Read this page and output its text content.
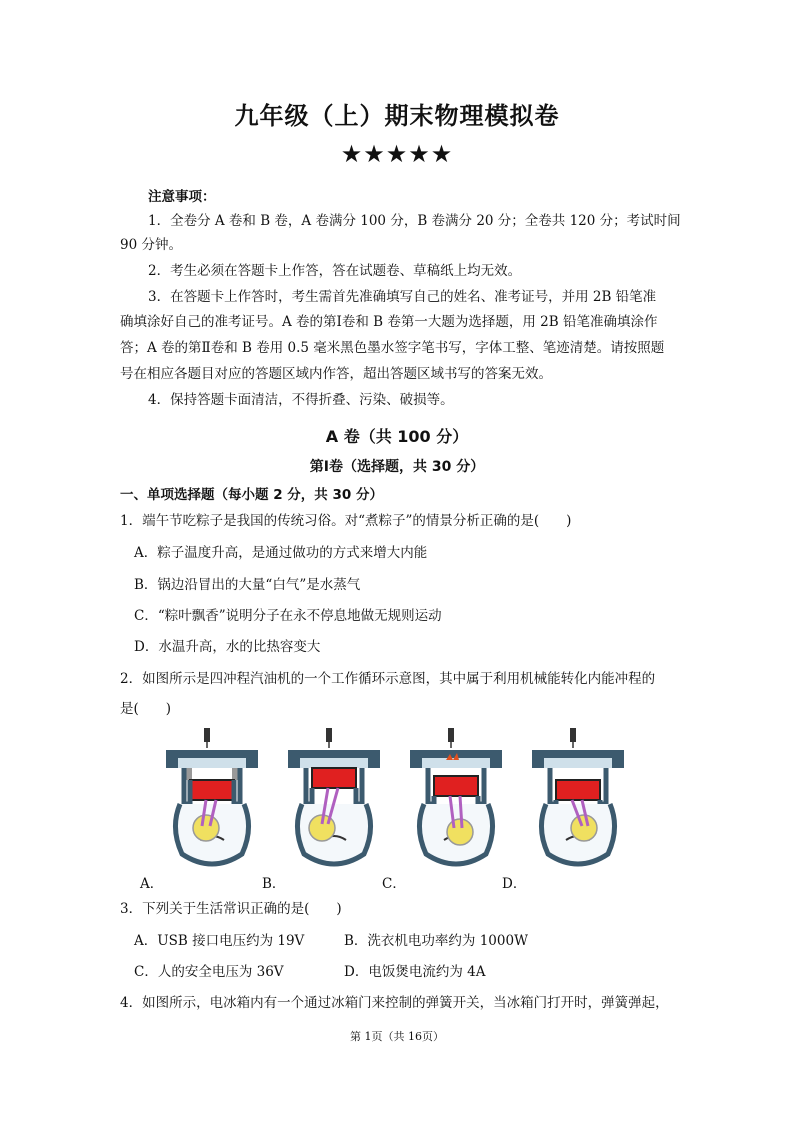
九年级（上）期末物理模拟卷
★★★★★
注意事项：
1．全卷分 A 卷和 B 卷，A 卷满分 100 分，B 卷满分 20 分；全卷共 120 分；考试时间
90 分钟。
2．考生必须在答题卡上作答，答在试题卷、草稿纸上均无效。
3．在答题卡上作答时，考生需首先准确填写自己的姓名、准考证号，并用 2B 铅笔准
确填涂好自己的准考证号。A 卷的第Ⅰ卷和 B 卷第一大题为选择题，用 2B 铅笔准确填涂作
答；A 卷的第Ⅱ卷和 B 卷用 0.5 毫米黑色墨水签字笔书写，字体工整、笔迹清楚。请按照题
号在相应各题目对应的答题区域内作答，超出答题区域书写的答案无效。
4．保持答题卡面清洁，不得折叠、污染、破损等。
A 卷（共 100 分）
第Ⅰ卷（选择题，共 30 分）
一、单项选择题（每小题 2 分，共 30 分）
1．端午节吃粽子是我国的传统习俗。对“煮粽子”的情景分析正确的是(　　)
A．粽子温度升高，是通过做功的方式来增大内能
B．锅边沿冒出的大量“白气”是水蒸气
C．“粽叶飘香”说明分子在永不停息地做无规则运动
D．水温升高，水的比热容变大
2．如图所示是四冲程汽油机的一个工作循环示意图，其中属于利用机械能转化内能冲程的
是(　　)
A．	B．	C．	D．
3．下列关于生活常识正确的是(　　)
A．USB 接口电压约为 19V	B．洗衣机电功率约为 1000W
C．人的安全电压为 36V	D．电饭煲电流约为 4A
4．如图所示，电冰箱内有一个通过冰箱门来控制的弹簧开关，当冰箱门打开时，弹簧弹起，
第 1页（共 16页）
